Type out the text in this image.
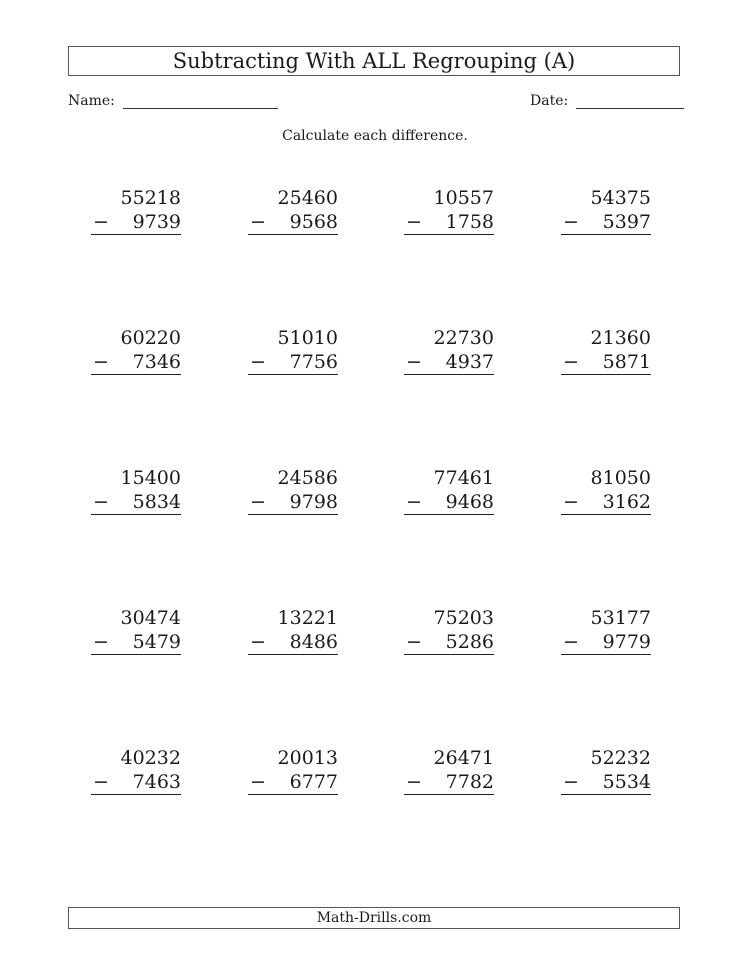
Subtracting With ALL Regrouping (A)
Name:	Date:
Calculate each difference.
55218
− 9739
25460
− 9568
10557
− 1758
54375
− 5397
60220
− 7346
51010
− 7756
22730
− 4937
21360
− 5871
15400
− 5834
24586
− 9798
77461
− 9468
81050
− 3162
30474
− 5479
13221
− 8486
75203
− 5286
53177
− 9779
40232
− 7463
20013
− 6777
26471
− 7782
52232
− 5534
Math-Drills.com
